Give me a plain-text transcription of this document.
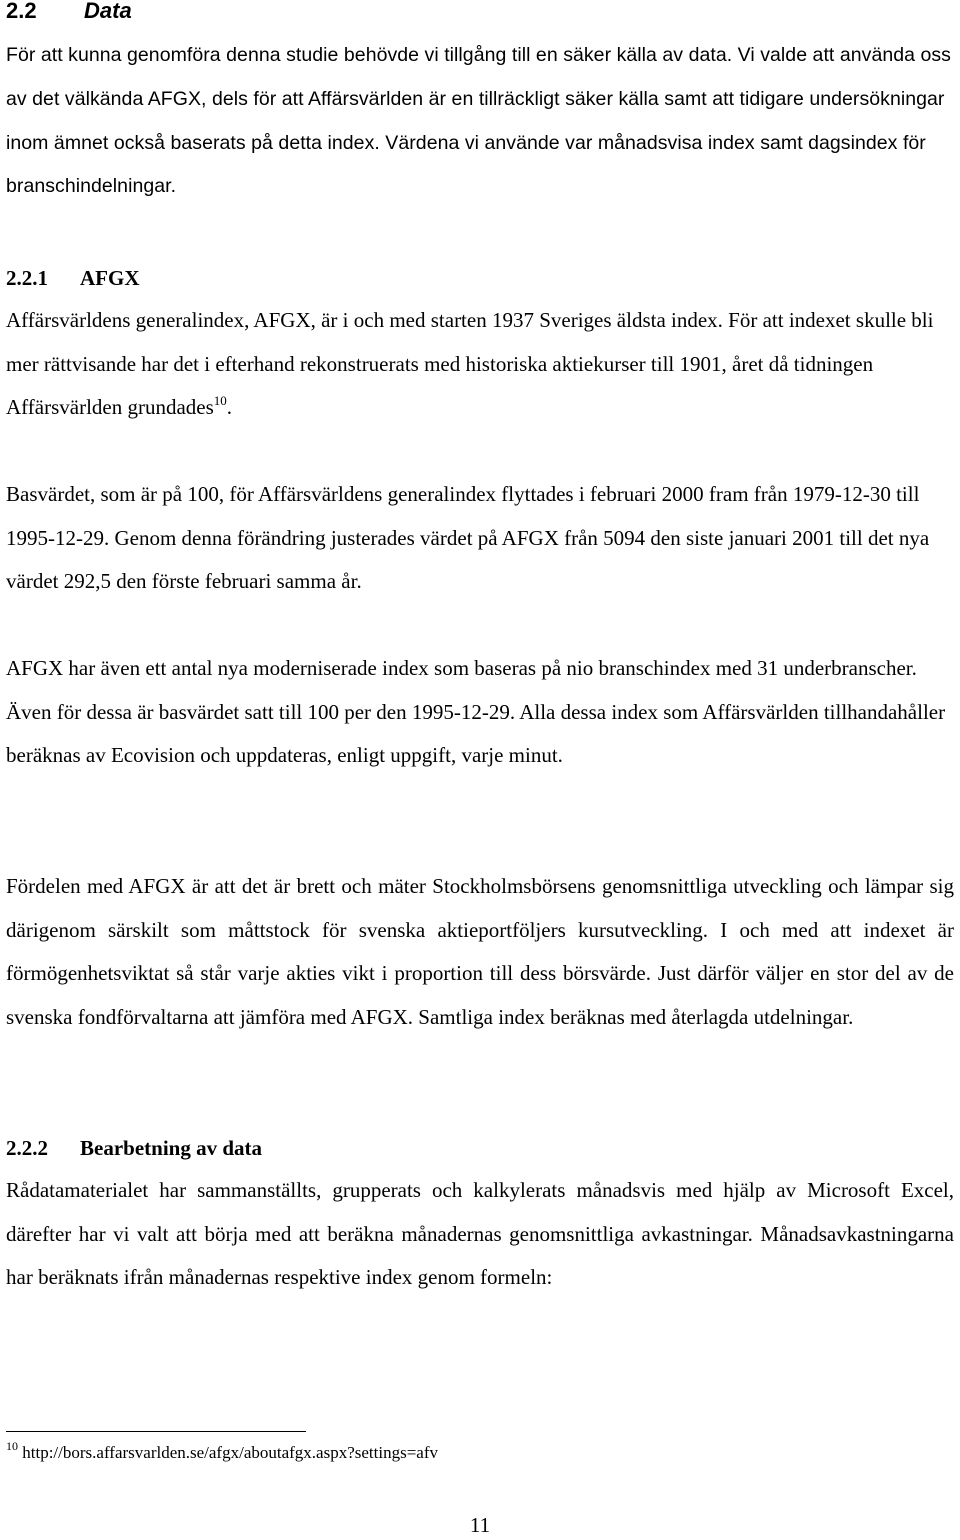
2.2 Data

För att kunna genomföra denna studie behövde vi tillgång till en säker källa av data. Vi valde att använda oss av det välkända AFGX, dels för att Affärsvärlden är en tillräckligt säker källa samt att tidigare undersökningar inom ämnet också baserats på detta index. Värdena vi använde var månadsvisa index samt dagsindex för branschindelningar.

2.2.1 AFGX

Affärsvärldens generalindex, AFGX, är i och med starten 1937 Sveriges äldsta index. För att indexet skulle bli mer rättvisande har det i efterhand rekonstruerats med historiska aktiekurser till 1901, året då tidningen Affärsvärlden grundades$^{10}$.

Basvärdet, som är på 100, för Affärsvärldens generalindex flyttades i februari 2000 fram från 1979-12-30 till 1995-12-29. Genom denna förändring justerades värdet på AFGX från 5094 den siste januari 2001 till det nya värdet 292,5 den förste februari samma år.

AFGX har även ett antal nya moderniserade index som baseras på nio branschindex med 31 underbranscher. Även för dessa är basvärdet satt till 100 per den 1995-12-29. Alla dessa index som Affärsvärlden tillhandahåller beräknas av Ecovision och uppdateras, enligt uppgift, varje minut.

Fördelen med AFGX är att det är brett och mäter Stockholmsbörsens genomsnittliga utveckling och lämpar sig därigenom särskilt som måttstock för svenska aktieportföljers kursutveckling. I och med att indexet är förmögenhetsviktat så står varje akties vikt i proportion till dess börsvärde. Just därför väljer en stor del av de svenska fondförvaltarna att jämföra med AFGX. Samtliga index beräknas med återlagda utdelningar.

2.2.2 Bearbetning av data

Rådatamaterialet har sammanställts, grupperats och kalkylerats månadsvis med hjälp av Microsoft Excel, därefter har vi valt att börja med att beräkna månadernas genomsnittliga avkastningar. Månadsavkastningarna har beräknats ifrån månadernas respektive index genom formeln:

$^{10}$ http://bors.affarsvarlden.se/afgx/aboutafgx.aspx?settings=afv

11
